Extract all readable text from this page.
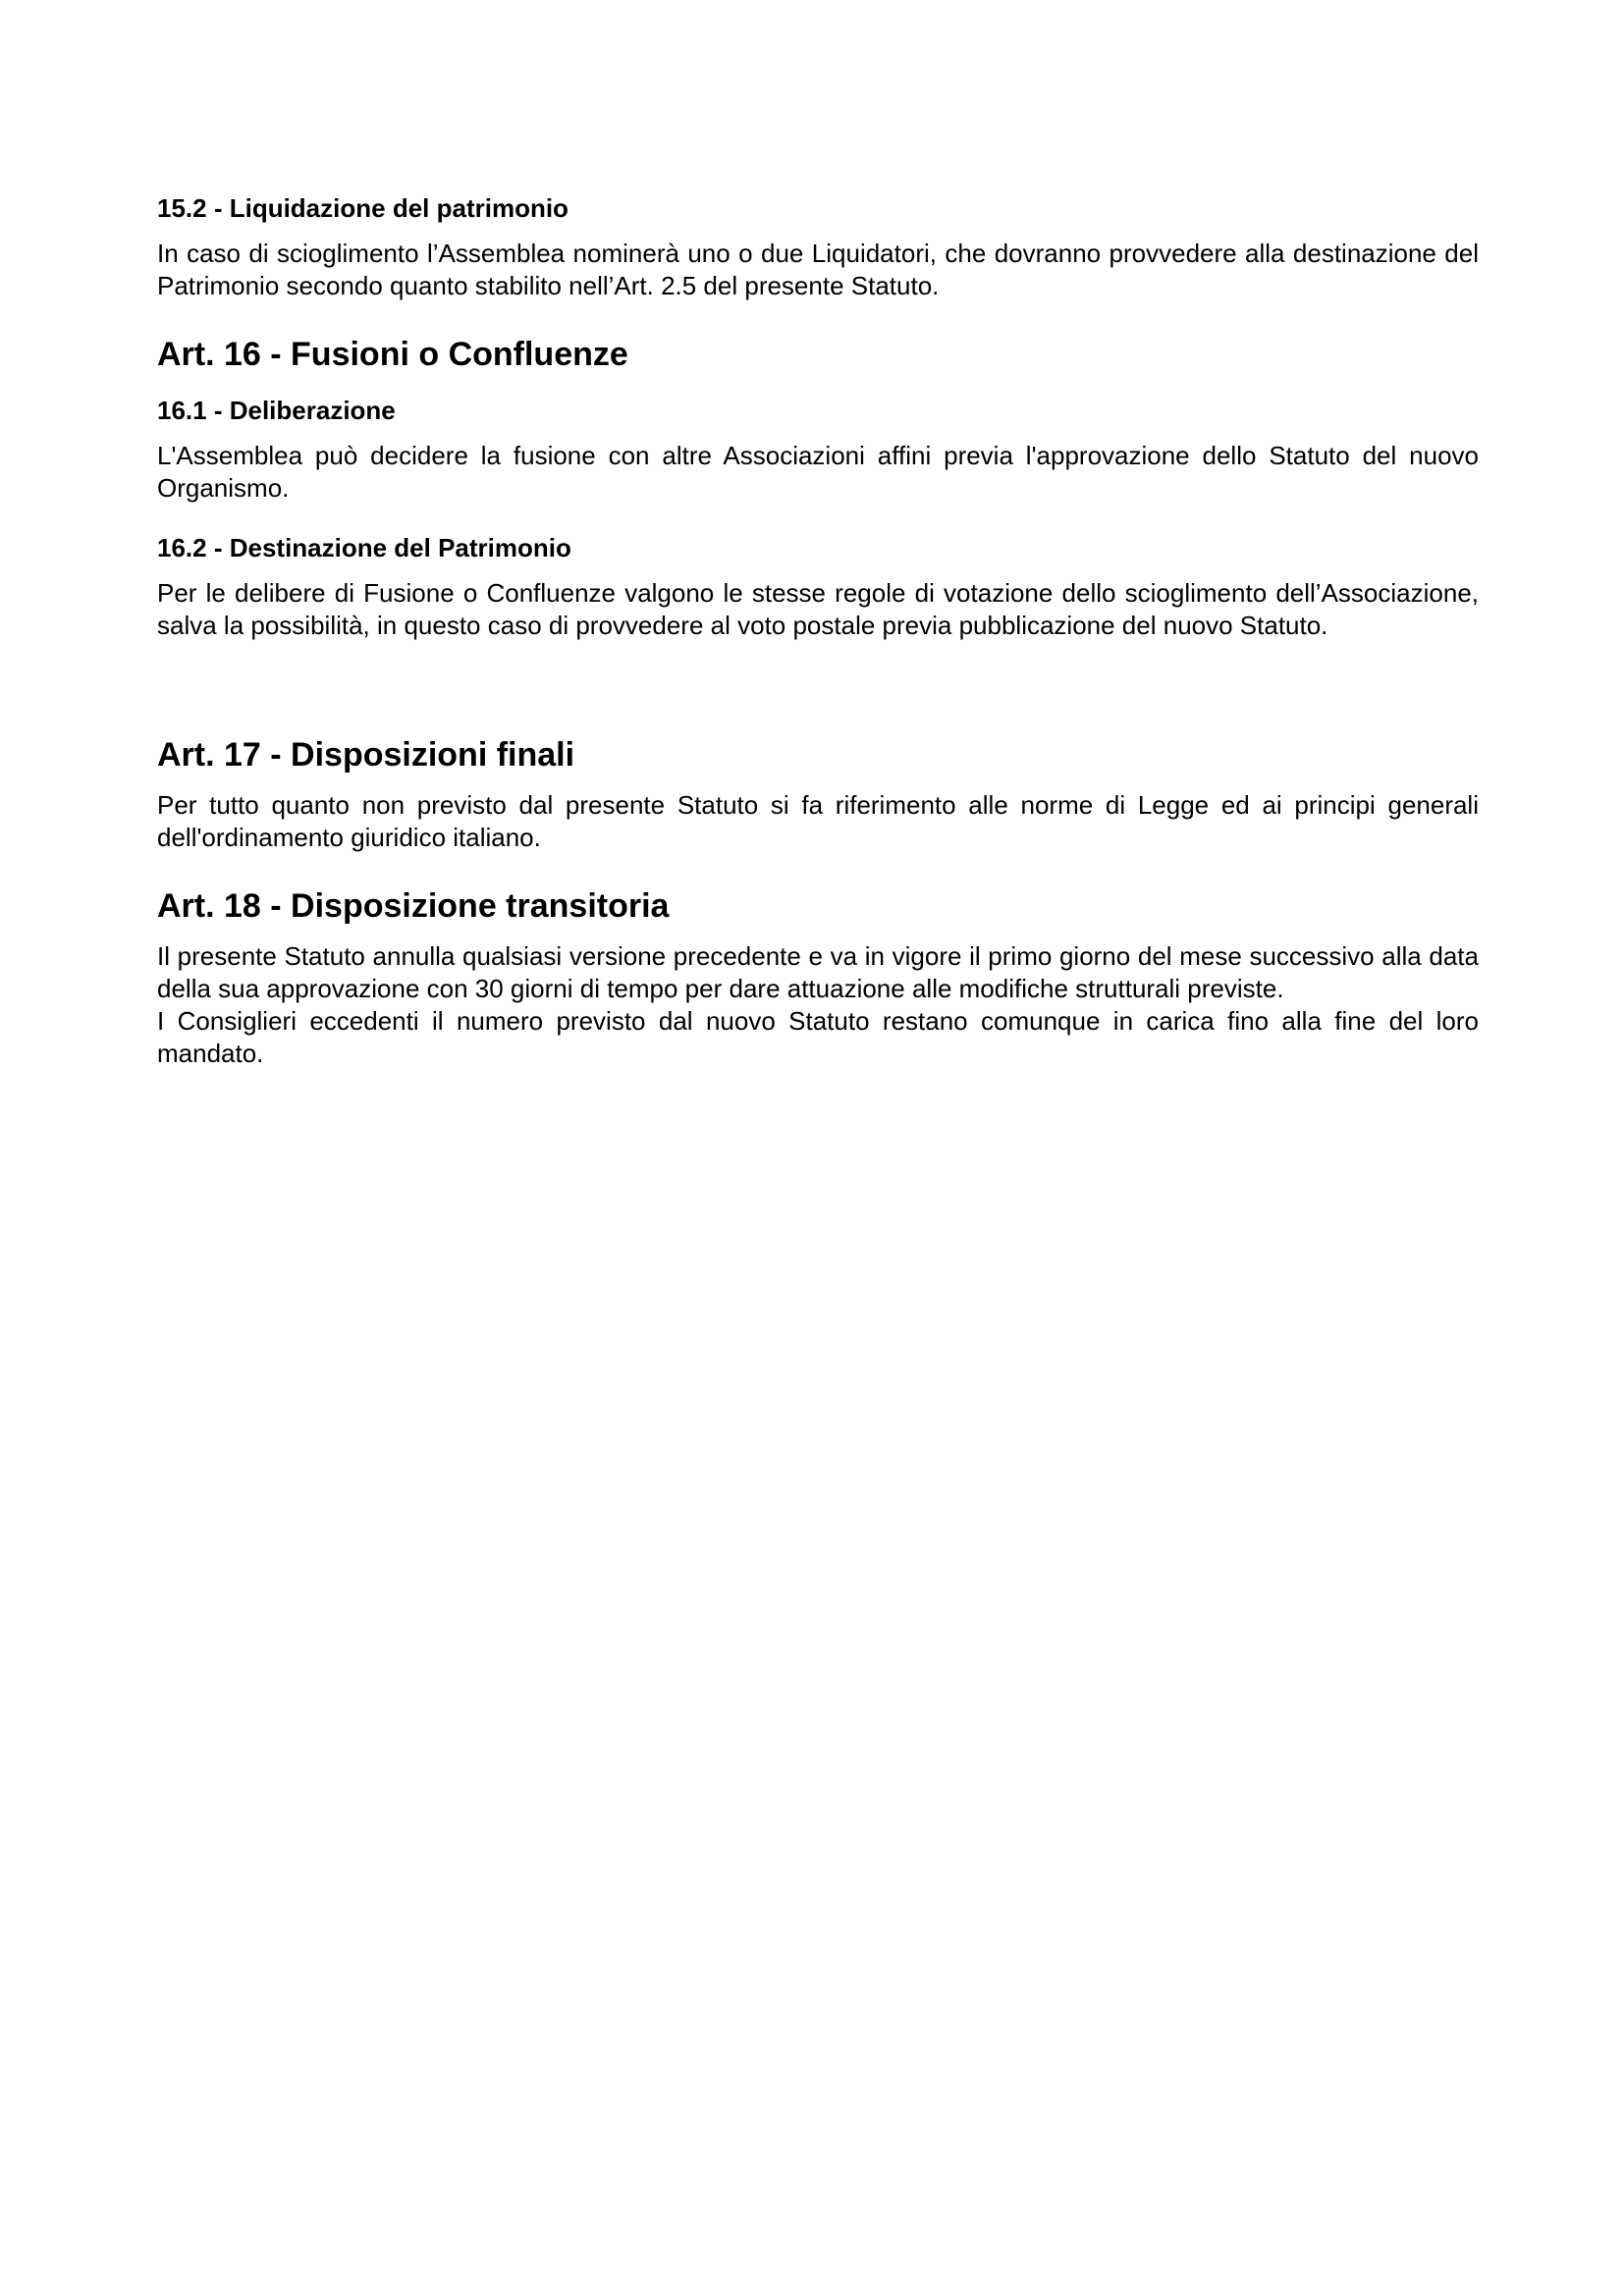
15.2 - Liquidazione del patrimonio

In caso di scioglimento l’Assemblea nominerà uno o due Liquidatori, che dovranno provvedere alla destinazione del Patrimonio secondo quanto stabilito nell’Art. 2.5 del presente Statuto.

Art. 16 - Fusioni o Confluenze
16.1 - Deliberazione

L'Assemblea può decidere la fusione con altre Associazioni affini previa l'approvazione dello Statuto del nuovo Organismo.

16.2 - Destinazione del Patrimonio

Per le delibere di Fusione o Confluenze valgono le stesse regole di votazione dello scioglimento dell’Associazione, salva la possibilità, in questo caso di provvedere al voto postale previa pubblicazione del nuovo Statuto.

Art. 17 - Disposizioni finali

Per tutto quanto non previsto dal presente Statuto si fa riferimento alle norme di Legge ed ai principi generali dell'ordinamento giuridico italiano.

Art. 18 - Disposizione transitoria

Il presente Statuto annulla qualsiasi versione precedente e va in vigore il primo giorno del mese successivo alla data della sua approvazione con 30 giorni di tempo per dare attuazione alle modifiche strutturali previste.

I Consiglieri eccedenti il numero previsto dal nuovo Statuto restano comunque in carica fino alla fine del loro mandato.
